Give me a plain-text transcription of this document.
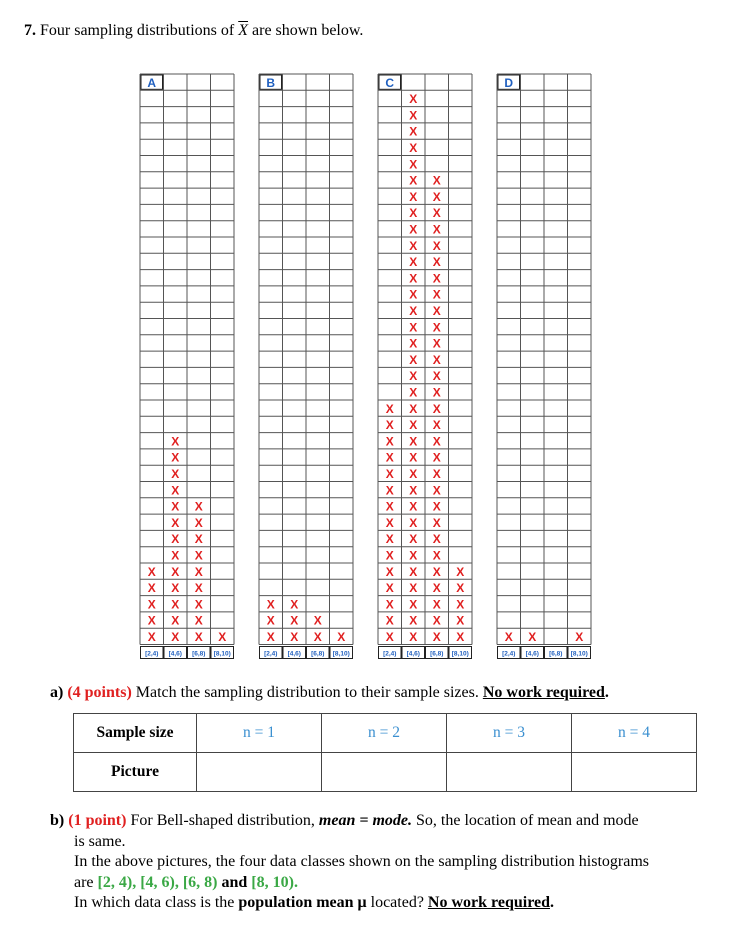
7. Four sampling distributions of $\overline{X}$ are shown below.
A
X
X
X
X
X
X
X
X
X
X
X
X
X
X
X
X
X
X
X
X
X
X
X
X
X
X
X
X
[2,4) [4,6) [6,8) [8,10)
B
X
X
X
X
X
X
X
X
X
[2,4) [4,6) [6,8) [8,10)
C
X
X
X
X
X
X
X
X
X
X
X
X
X
X
X
X
X
X
X
X
X
X
X
X
X
X
X
X
X
X
X
X
X
X
X
X
X
X
X
X
X
X
X
X
X
X
X
X
X
X
X
X
X
X
X
X
X
X
X
X
X
X
X
X
X
X
X
X
X
X
X
X
X
X
X
X
X
X
X
X
X
X
X
[2,4) [4,6) [6,8) [8,10)
D
X X	X
[2,4) [4,6) [6,8) [8,10)
a) (4 points) Match the sampling distribution to their sample sizes. No work required.
Sample size	n = 1	n = 2	n = 3	n = 4
Picture				
b) (1 point) For Bell-shaped distribution, mean = mode. So, the location of mean and mode
is same.
In the above pictures, the four data classes shown on the sampling distribution histograms
are [2, 4), [4, 6), [6, 8) and [8, 10).
In which data class is the population mean μ located? No work required.
